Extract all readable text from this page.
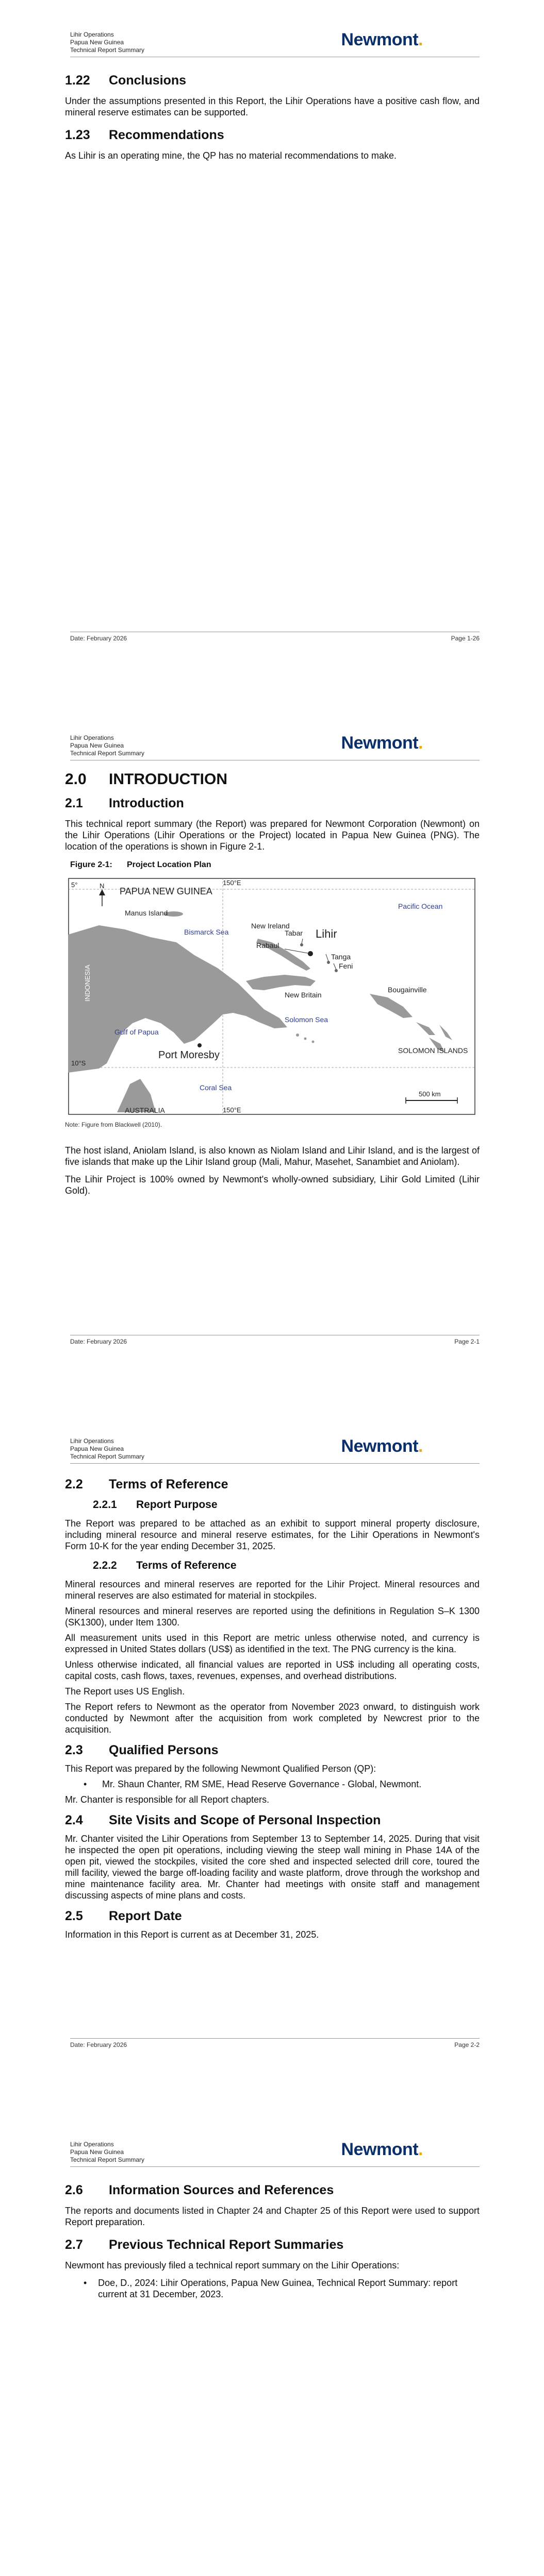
Lihir Operations
Papua New Guinea
Technical Report Summary
Newmont.
1.22	Conclusions

Under the assumptions presented in this Report, the Lihir Operations have a positive cash flow, and mineral reserve estimates can be supported.

1.23	Recommendations

As Lihir is an operating mine, the QP has no material recommendations to make.

Date: February 2026	Page 1-26
Lihir Operations
Papua New Guinea
Technical Report Summary
Newmont.
2.0	INTRODUCTION
2.1	Introduction

This technical report summary (the Report) was prepared for Newmont Corporation (Newmont) on the Lihir Operations (Lihir Operations or the Project) located in Papua New Guinea (PNG). The location of the operations is shown in Figure 2-1.

Figure 2-1:	Project Location Plan
150°E
150°E
5°
10°S
N
PAPUA NEW GUINEA
INDONESIA
Manus Island
Bismarck Sea
New Ireland
Tabar Lihir
Rabaul
Tanga
Feni
Pacific Ocean
New Britain
Bougainville
Gulf of Papua
Solomon Sea
SOLOMON ISLANDS
Port Moresby
Coral Sea
AUSTRALIA
500 km
Note: Figure from Blackwell (2010).

The host island, Aniolam Island, is also known as Niolam Island and Lihir Island, and is the largest of five islands that make up the Lihir Island group (Mali, Mahur, Masehet, Sanambiet and Aniolam).

The Lihir Project is 100% owned by Newmont's wholly-owned subsidiary, Lihir Gold Limited (Lihir Gold).

Date: February 2026	Page 2-1
Lihir Operations
Papua New Guinea
Technical Report Summary
Newmont.
2.2	Terms of Reference
2.2.1	Report Purpose

The Report was prepared to be attached as an exhibit to support mineral property disclosure, including mineral resource and mineral reserve estimates, for the Lihir Operations in Newmont's Form 10-K for the year ending December 31, 2025.

2.2.2	Terms of Reference

Mineral resources and mineral reserves are reported for the Lihir Project. Mineral resources and mineral reserves are also estimated for material in stockpiles.

Mineral resources and mineral reserves are reported using the definitions in Regulation S–K 1300 (SK1300), under Item 1300.

All measurement units used in this Report are metric unless otherwise noted, and currency is expressed in United States dollars (US$) as identified in the text. The PNG currency is the kina.

Unless otherwise indicated, all financial values are reported in US$ including all operating costs, capital costs, cash flows, taxes, revenues, expenses, and overhead distributions.

The Report uses US English.

The Report refers to Newmont as the operator from November 2023 onward, to distinguish work conducted by Newmont after the acquisition from work completed by Newcrest prior to the acquisition.

2.3	Qualified Persons

This Report was prepared by the following Newmont Qualified Person (QP):

•	Mr. Shaun Chanter, RM SME, Head Reserve Governance - Global, Newmont.

Mr. Chanter is responsible for all Report chapters.

2.4	Site Visits and Scope of Personal Inspection

Mr. Chanter visited the Lihir Operations from September 13 to September 14, 2025. During that visit he inspected the open pit operations, including viewing the steep wall mining in Phase 14A of the open pit, viewed the stockpiles, visited the core shed and inspected selected drill core, toured the mill facility, viewed the barge off-loading facility and waste platform, drove through the workshop and mine maintenance facility area. Mr. Chanter had meetings with onsite staff and management discussing aspects of mine plans and costs.

2.5	Report Date

Information in this Report is current as at December 31, 2025.

Date: February 2026	Page 2-2
Lihir Operations
Papua New Guinea
Technical Report Summary
Newmont.
2.6	Information Sources and References

The reports and documents listed in Chapter 24 and Chapter 25 of this Report were used to support Report preparation.

2.7	Previous Technical Report Summaries

Newmont has previously filed a technical report summary on the Lihir Operations:

•	Doe, D., 2024: Lihir Operations, Papua New Guinea, Technical Report Summary: report current at 31 December, 2023.
